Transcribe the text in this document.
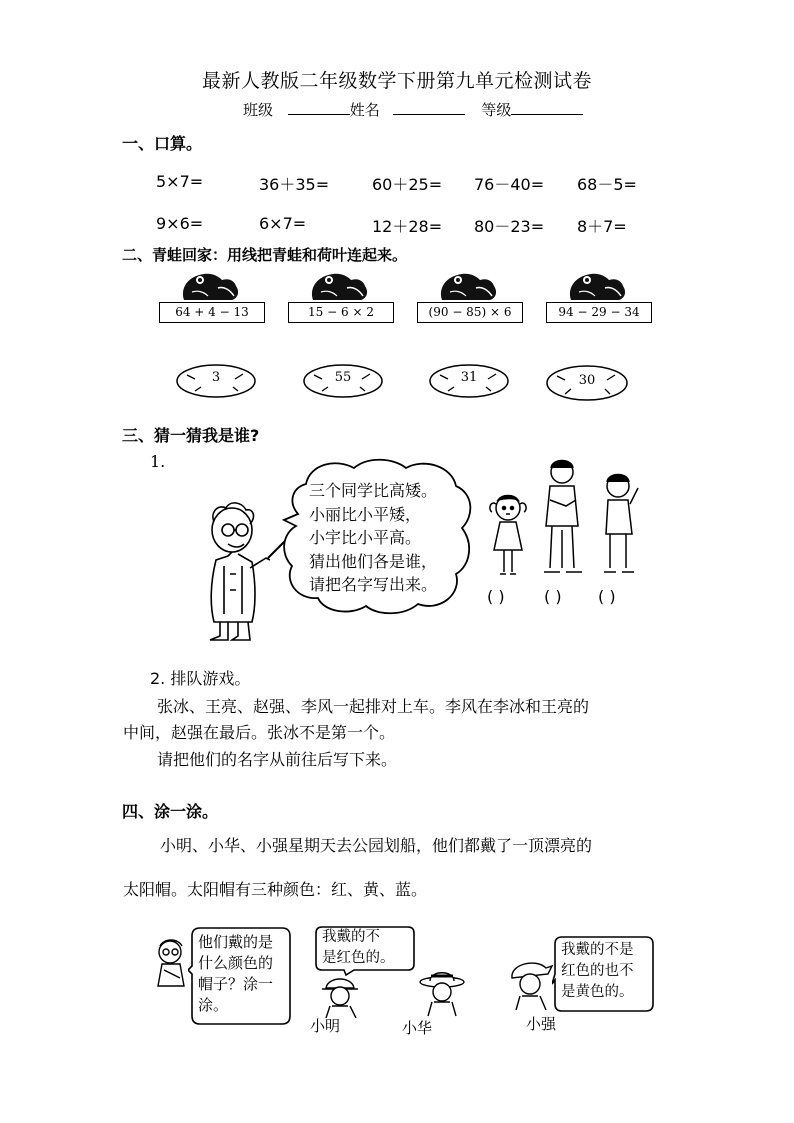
最新人教版二年级数学下册第九单元检测试卷
班级	姓名	等级
一、口算。
5×7=	36＋35=	60＋25= 76－40= 68－5=
9×6=	6×7=	12＋28= 80－23= 8＋7=
二、青蛙回家：用线把青蛙和荷叶连起来。
64 + 4 − 13	15 − 6 × 2	(90 − 85) × 6	94 − 29 − 34
3	55	31	30
三、猜一猜我是谁?
1.
三个同学比高矮。
小丽比小平矮，
小宇比小平高。
猜出他们各是谁，
请把名字写出来。
( ) ( ) ( )
2. 排队游戏。
张冰、王亮、赵强、李风一起排对上车。李风在李冰和王亮的
中间，赵强在最后。张冰不是第一个。
请把他们的名字从前往后写下来。
四、涂一涂。
小明、小华、小强星期天去公园划船，他们都戴了一顶漂亮的
太阳帽。太阳帽有三种颜色：红、黄、蓝。
他们戴的是
什么颜色的
帽子？涂一
涂。
我戴的不
是红色的。	我戴的不是
红色的也不
是黄色的。
小明	小华	小强
